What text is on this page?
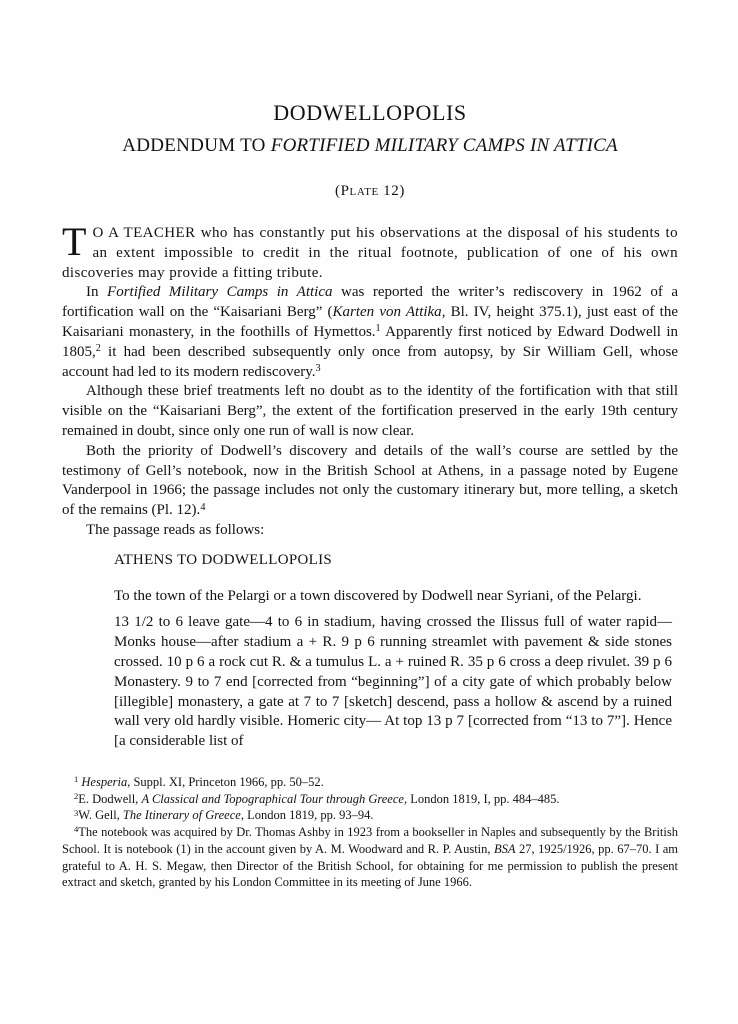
DODWELLOPOLIS
ADDENDUM TO FORTIFIED MILITARY CAMPS IN ATTICA
(Plate 12)

T O A TEACHER who has constantly put his observations at the disposal of his students to an extent impossible to credit in the ritual footnote, publication of one of his own discoveries may provide a fitting tribute.

In Fortified Military Camps in Attica was reported the writer’s rediscovery in 1962 of a fortification wall on the “Kaisariani Berg” (Karten von Attika, Bl. IV, height 375.1), just east of the Kaisariani monastery, in the foothills of Hymettos.$^1$ Apparently first noticed by Edward Dodwell in 1805,$^2$ it had been described subsequently only once from autopsy, by Sir William Gell, whose account had led to its modern rediscovery.$^3$

Although these brief treatments left no doubt as to the identity of the fortification with that still visible on the “Kaisariani Berg”, the extent of the fortification preserved in the early 19th century remained in doubt, since only one run of wall is now clear.

Both the priority of Dodwell’s discovery and details of the wall’s course are settled by the testimony of Gell’s notebook, now in the British School at Athens, in a passage noted by Eugene Vanderpool in 1966; the passage includes not only the customary itinerary but, more telling, a sketch of the remains (Pl. 12).$^4$

The passage reads as follows:

ATHENS TO DODWELLOPOLIS

To the town of the Pelargi or a town discovered by Dodwell near Syriani, of the Pelargi.

13 1/2 to 6 leave gate—4 to 6 in stadium, having crossed the Ilissus full of water rapid—Monks house—after stadium a + R. 9 p 6 running streamlet with pavement & side stones crossed. 10 p 6 a rock cut R. & a tumulus L. a + ruined R. 35 p 6 cross a deep rivulet. 39 p 6 Monastery. 9 to 7 end [corrected from “beginning”] of a city gate of which probably below [illegible] monastery, a gate at 7 to 7 [sketch] descend, pass a hollow & ascend by a ruined wall very old hardly visible. Homeric city— At top 13 p 7 [corrected from “13 to 7”]. Hence [a considerable list of

$^1$ Hesperia, Suppl. XI, Princeton 1966, pp. 50–52.

$^2$E. Dodwell, A Classical and Topographical Tour through Greece, London 1819, I, pp. 484–485.

$^3$W. Gell, The Itinerary of Greece, London 1819, pp. 93–94.

$^4$The notebook was acquired by Dr. Thomas Ashby in 1923 from a bookseller in Naples and subsequently by the British School. It is notebook (1) in the account given by A. M. Woodward and R. P. Austin, BSA 27, 1925/1926, pp. 67–70. I am grateful to A. H. S. Megaw, then Director of the British School, for obtaining for me permission to publish the present extract and sketch, granted by his London Committee in its meeting of June 1966.
